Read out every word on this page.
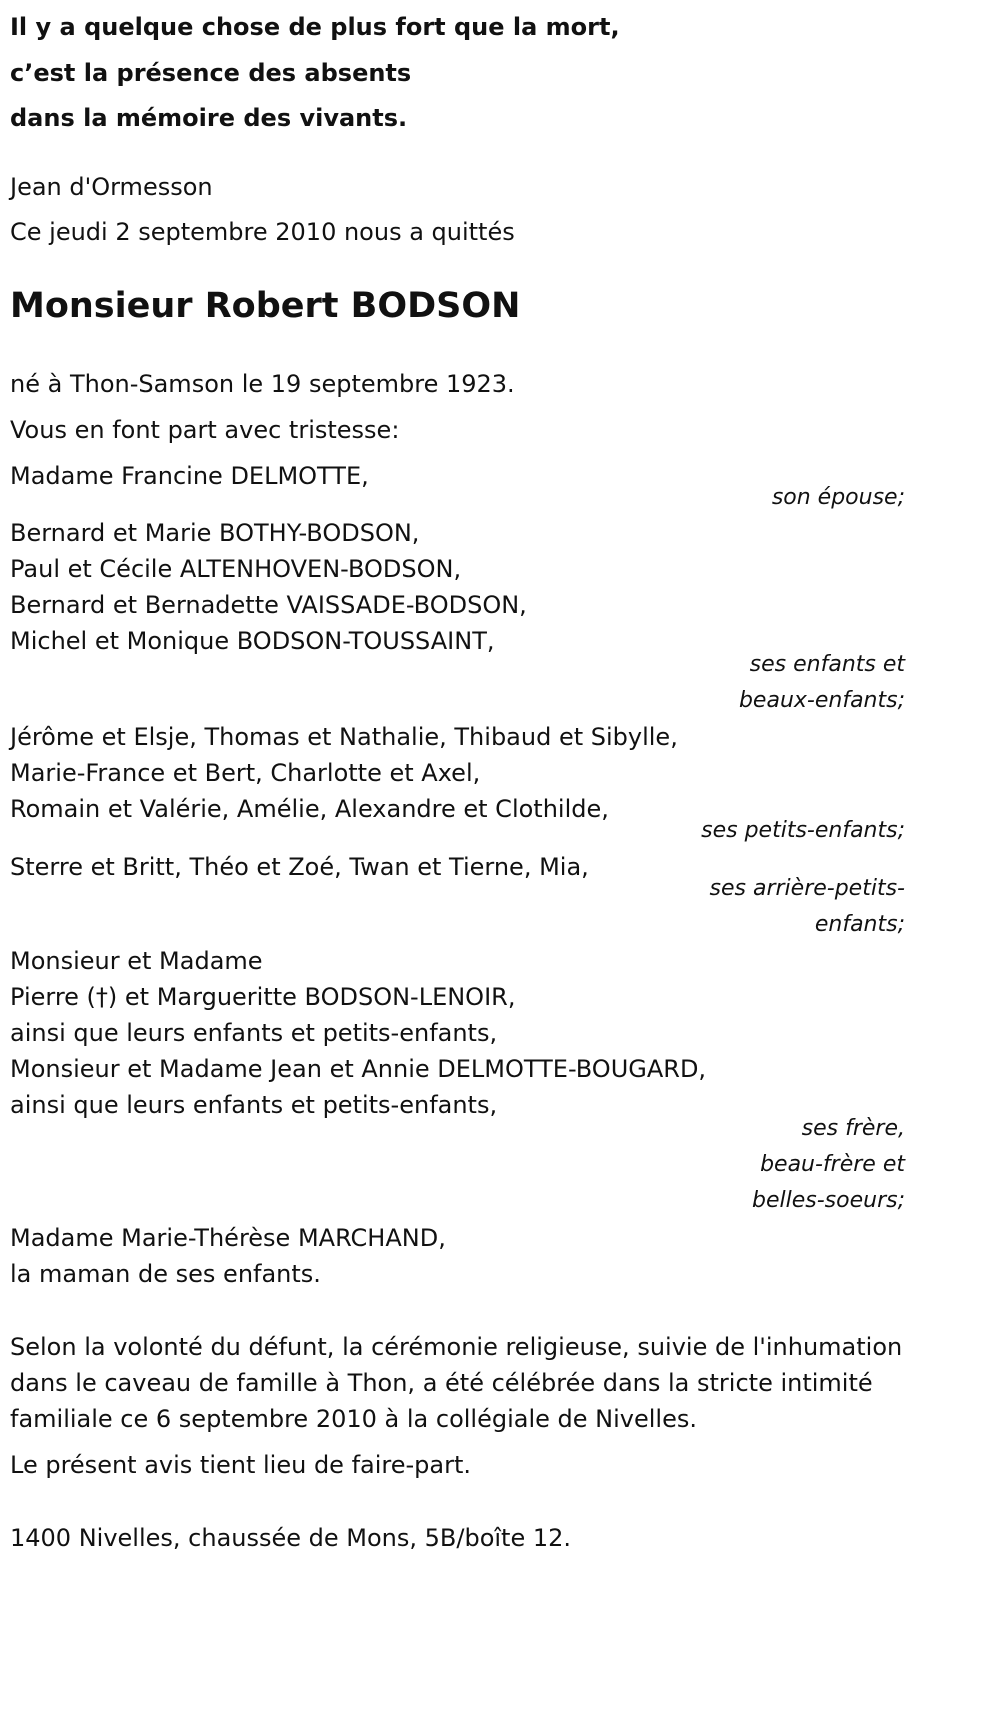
Il y a quelque chose de plus fort que la mort,
c’est la présence des absents
dans la mémoire des vivants.
Jean d'Ormesson
Ce jeudi 2 septembre 2010 nous a quittés
Monsieur Robert BODSON
né à Thon-Samson le 19 septembre 1923.
Vous en font part avec tristesse:
Madame Francine DELMOTTE,
son épouse;
Bernard et Marie BOTHY-BODSON,
Paul et Cécile ALTENHOVEN-BODSON,
Bernard et Bernadette VAISSADE-BODSON,
Michel et Monique BODSON-TOUSSAINT,
ses enfants et
beaux-enfants;
Jérôme et Elsje, Thomas et Nathalie, Thibaud et Sibylle,
Marie-France et Bert, Charlotte et Axel,
Romain et Valérie, Amélie, Alexandre et Clothilde,
ses petits-enfants;
Sterre et Britt, Théo et Zoé, Twan et Tierne, Mia,
ses arrière-petits-
enfants;
Monsieur et Madame
Pierre (†) et Margueritte BODSON-LENOIR,
ainsi que leurs enfants et petits-enfants,
Monsieur et Madame Jean et Annie DELMOTTE-BOUGARD,
ainsi que leurs enfants et petits-enfants,
ses frère,
beau-frère et
belles-soeurs;
Madame Marie-Thérèse MARCHAND,
la maman de ses enfants.
Selon la volonté du défunt, la cérémonie religieuse, suivie de l'inhumation
dans le caveau de famille à Thon, a été célébrée dans la stricte intimité
familiale ce 6 septembre 2010 à la collégiale de Nivelles.
Le présent avis tient lieu de faire-part.
1400 Nivelles, chaussée de Mons, 5B/boîte 12.
